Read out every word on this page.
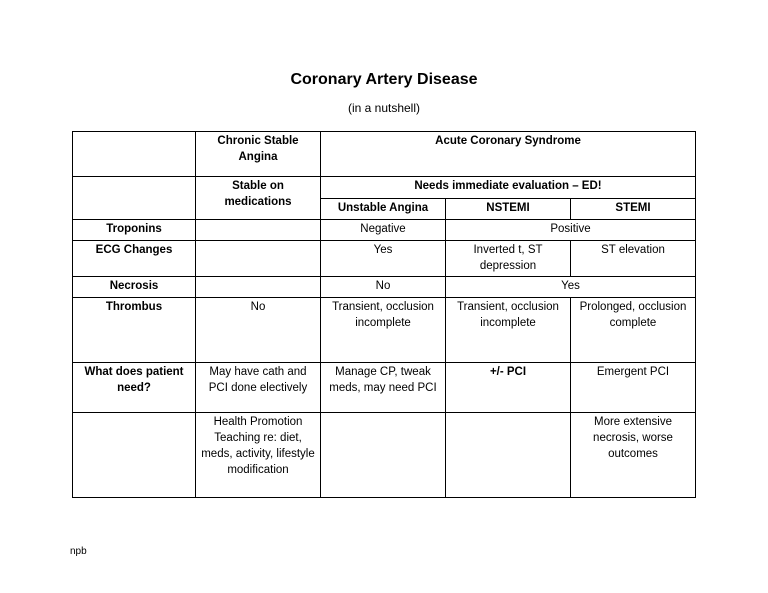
Coronary Artery Disease
(in a nutshell)
	Chronic Stable Angina	Acute Coronary Syndrome		
	Stable on medications	Needs immediate evaluation – ED!		
		Unstable Angina	NSTEMI	STEMI
Troponins		Negative	Positive	
ECG Changes		Yes	Inverted t, ST depression	ST elevation
Necrosis		No	Yes	
Thrombus	No	Transient, occlusion incomplete	Transient, occlusion incomplete	Prolonged, occlusion complete
What does patient need?	May have cath and PCI done electively	Manage CP, tweak meds, may need PCI	+/- PCI	Emergent PCI
	Health Promotion Teaching re: diet, meds, activity, lifestyle modification			More extensive necrosis, worse outcomes
npb
